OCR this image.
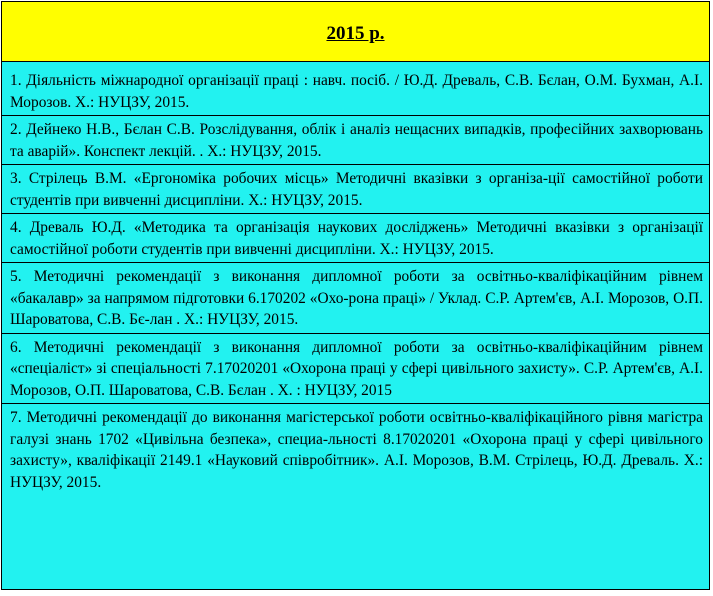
2015 р.
1. Діяльність міжнародної організації праці : навч. посіб. / Ю.Д. Древаль, С.В. Бєлан, О.М. Бухман, А.І. Морозов. Х.: НУЦЗУ, 2015.
2. Дейнеко Н.В., Бєлан С.В. Розслідування, облік і аналіз нещасних випадків, професійних захворювань та аварій». Конспект лекцій. . Х.: НУЦЗУ, 2015.
3. Стрілець В.М. «Ергономіка робочих місць» Методичні вказівки з організа-ції самостійної роботи студентів при вивченні дисципліни. Х.: НУЦЗУ, 2015.
4. Древаль Ю.Д. «Методика та організація наукових досліджень» Методичні вказівки з організації самостійної роботи студентів при вивченні дисципліни. Х.: НУЦЗУ, 2015.
5. Методичні рекомендації з виконання дипломної роботи за освітньо-кваліфікаційним рівнем «бакалавр» за напрямом підготовки 6.170202 «Охо-рона праці» / Уклад. С.Р. Артем'єв, А.І. Морозов, О.П. Шароватова, С.В. Бє-лан . Х.: НУЦЗУ, 2015.
6. Методичні рекомендації з виконання дипломної роботи за освітньо-кваліфікаційним рівнем «спеціаліст» зі спеціальності 7.17020201 «Охорона праці у сфері цивільного захисту». С.Р. Артем'єв, А.І. Морозов, О.П. Шароватова, С.В. Бєлан . Х. : НУЦЗУ, 2015
7. Методичні рекомендації до виконання магістерської роботи освітньо-кваліфікаційного рівня магістра галузі знань 1702 «Цивільна безпека», специа-льності 8.17020201 «Охорона праці у сфері цивільного захисту», кваліфікації 2149.1 «Науковий співробітник». А.І. Морозов, В.М. Стрілець, Ю.Д. Древаль. Х.: НУЦЗУ, 2015.
